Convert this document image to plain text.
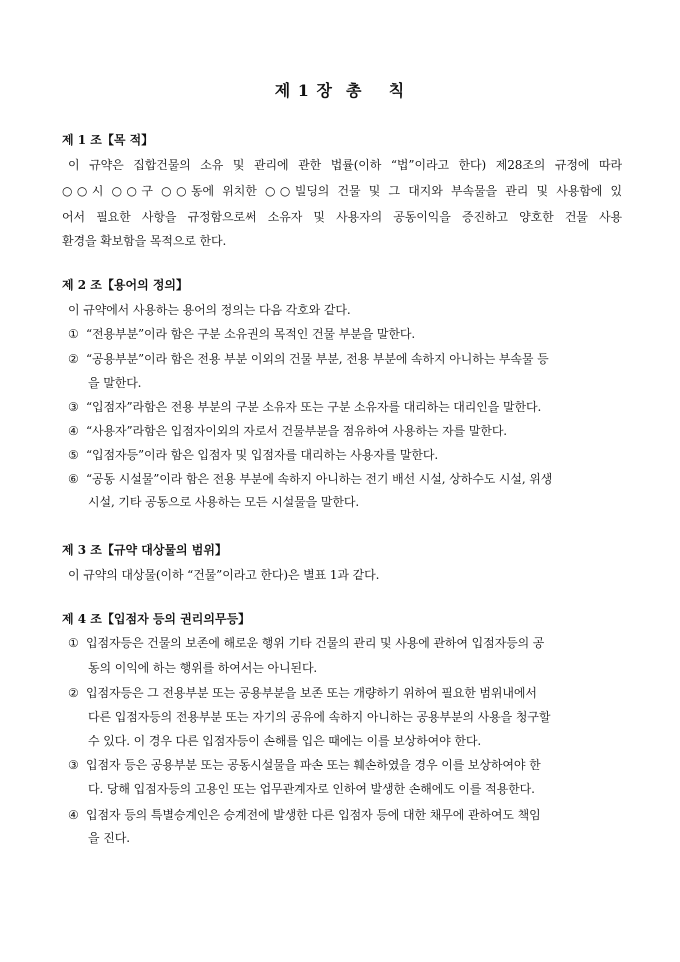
제 1 장  총    칙
제 1 조【목 적】
이 규약은 집합건물의 소유 및 관리에 관한 법률(이하 “법”이라고 한다) 제28조의 규정에 따라
○○시 ○○구 ○○동에 위치한 ○○빌딩의 건물 및 그 대지와 부속물을 관리 및 사용함에 있
어서 필요한 사항을 규정함으로써 소유자 및 사용자의 공동이익을 증진하고 양호한 건물 사용
환경을 확보함을 목적으로 한다.
제 2 조【용어의 정의】
이 규약에서 사용하는 용어의 정의는 다음 각호와 같다.
① “전용부분”이라 함은 구분 소유권의 목적인 건물 부분을 말한다.
② “공용부분”이라 함은 전용 부분 이외의 건물 부분, 전용 부분에 속하지 아니하는 부속물 등
을 말한다.
③ “입점자”라함은 전용 부분의 구분 소유자 또는 구분 소유자를 대리하는 대리인을 말한다.
④ “사용자”라함은 입점자이외의 자로서 건물부분을 점유하여 사용하는 자를 말한다.
⑤ “입점자등”이라 함은 입점자 및 입점자를 대리하는 사용자를 말한다.
⑥ “공동 시설물”이라 함은 전용 부분에 속하지 아니하는 전기 배선 시설, 상하수도 시설, 위생
시설, 기타 공동으로 사용하는 모든 시설물을 말한다.
제 3 조【규약 대상물의 범위】
이 규약의 대상물(이하 “건물”이라고 한다)은 별표 1과 같다.
제 4 조【입점자 등의 권리의무등】
① 입점자등은 건물의 보존에 해로운 행위 기타 건물의 관리 및 사용에 관하여 입점자등의 공
동의 이익에 하는 행위를 하여서는 아니된다.
② 입점자등은 그 전용부분 또는 공용부분을 보존 또는 개량하기 위하여 필요한 범위내에서
다른 입점자등의 전용부분 또는 자기의 공유에 속하지 아니하는 공용부분의 사용을 청구할
수 있다. 이 경우 다른 입점자등이 손해를 입은 때에는 이를 보상하여야 한다.
③ 입점자 등은 공용부분 또는 공동시설물을 파손 또는 훼손하였을 경우 이를 보상하여야 한
다. 당해 입점자등의 고용인 또는 업무관계자로 인하여 발생한 손해에도 이를 적용한다.
④ 입점자 등의 특별승계인은 승계전에 발생한 다른 입점자 등에 대한 채무에 관하여도 책임
을 진다.
